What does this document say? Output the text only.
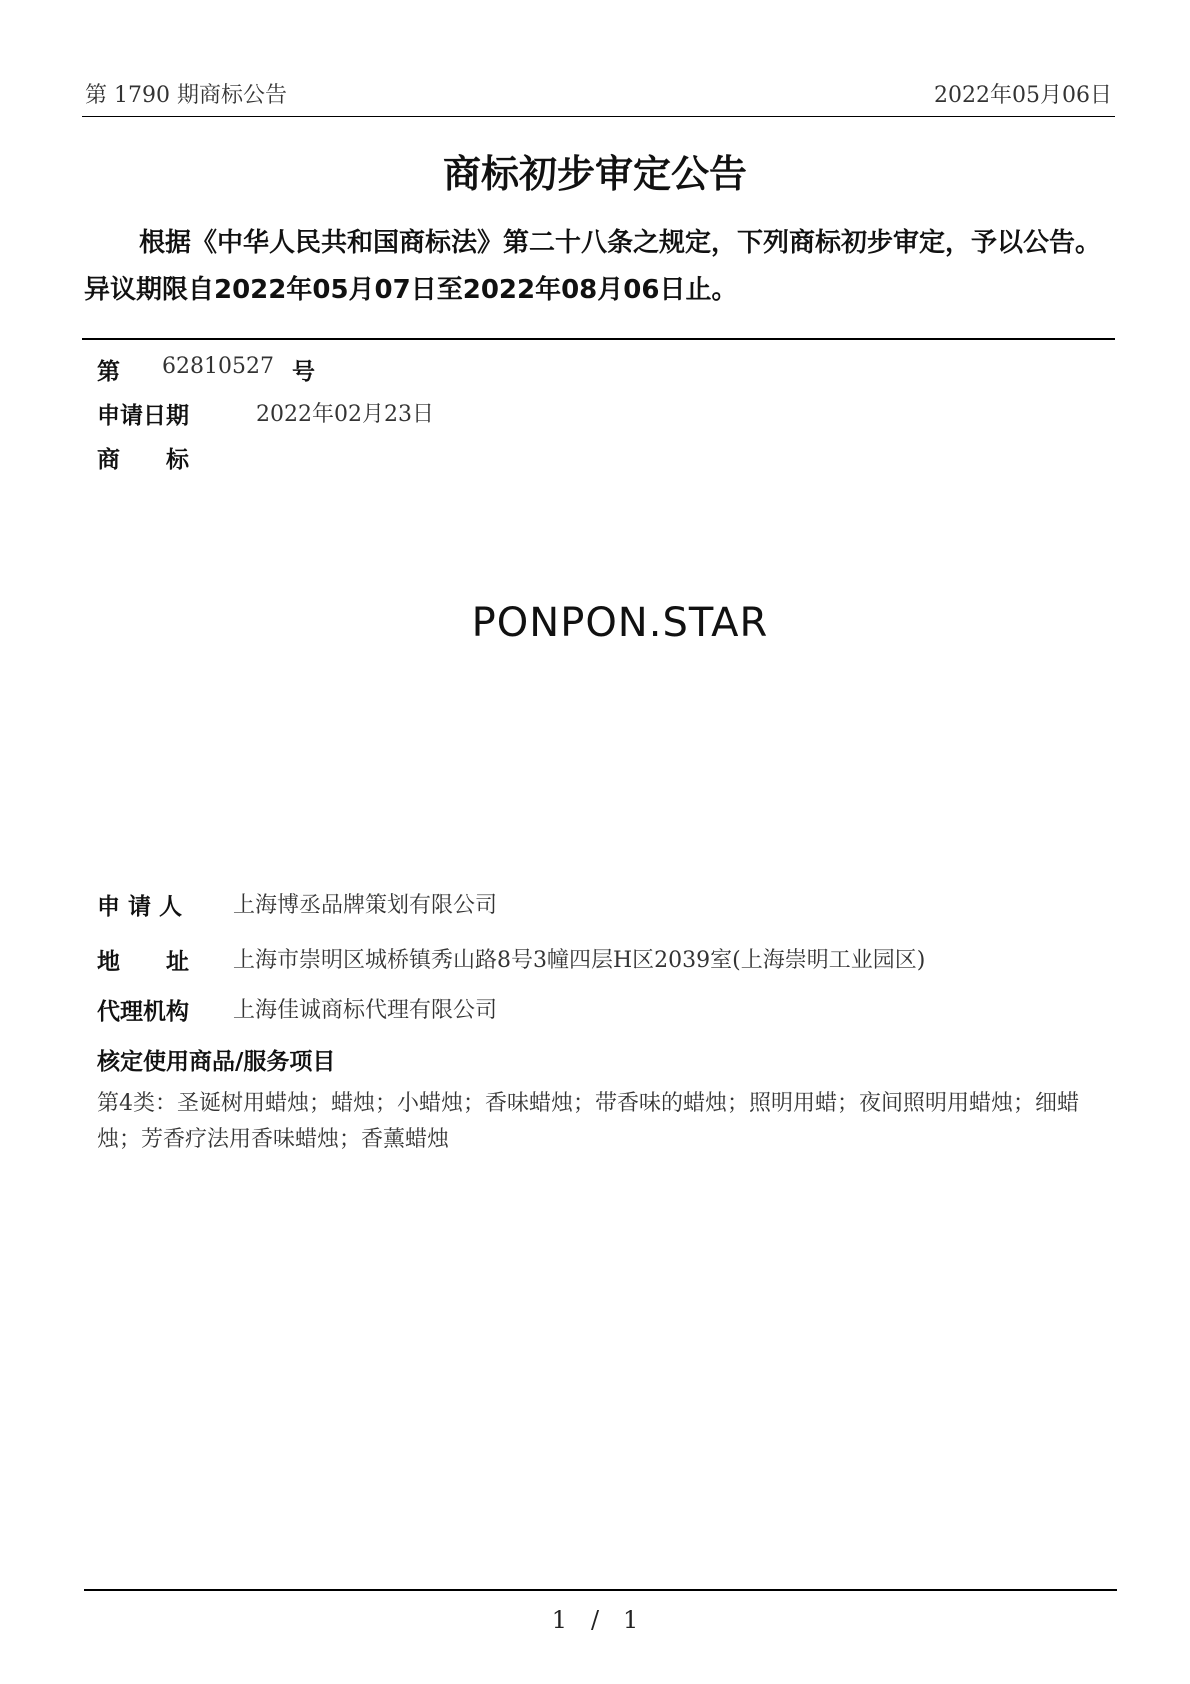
第 1790 期商标公告	2022年05月06日
商标初步审定公告
根据《中华人民共和国商标法》第二十八条之规定，下列商标初步审定，予以公告。异议期限自2022年05月07日至2022年08月06日止。
第 62810527 号
申请日期	2022年02月23日
商　　标
PONPON.STAR
申 请 人 上海博丞品牌策划有限公司
地　　址 上海市崇明区城桥镇秀山路8号3幢四层H区2039室(上海崇明工业园区)
代理机构 上海佳诚商标代理有限公司
核定使用商品/服务项目
第4类：圣诞树用蜡烛；蜡烛；小蜡烛；香味蜡烛；带香味的蜡烛；照明用蜡；夜间照明用蜡烛；细蜡烛；芳香疗法用香味蜡烛；香薰蜡烛
1　/　1
